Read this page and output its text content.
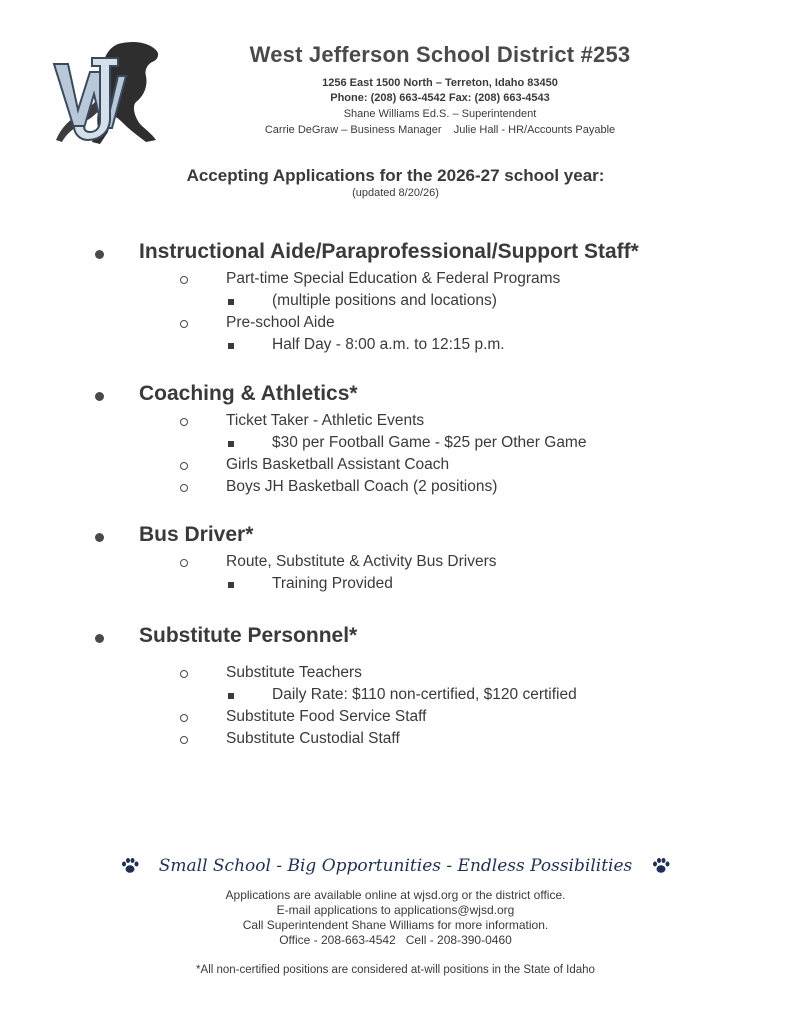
West Jefferson School District #253
1256 East 1500 North – Terreton, Idaho 83450
Phone: (208) 663-4542 Fax: (208) 663-4543
Shane Williams Ed.S. – Superintendent
Carrie DeGraw – Business Manager    Julie Hall - HR/Accounts Payable
Accepting Applications for the 2026-27 school year:
(updated 8/20/26)
Instructional Aide/Paraprofessional/Support Staff*
Part-time Special Education & Federal Programs
(multiple positions and locations)
Pre-school Aide
Half Day - 8:00 a.m. to 12:15 p.m.
Coaching & Athletics*
Ticket Taker - Athletic Events
$30 per Football Game - $25 per Other Game
Girls Basketball Assistant Coach
Boys JH Basketball Coach (2 positions)
Bus Driver*
Route, Substitute & Activity Bus Drivers
Training Provided
Substitute Personnel*
Substitute Teachers
Daily Rate: $110 non-certified, $120 certified
Substitute Food Service Staff
Substitute Custodial Staff
Small School - Big Opportunities - Endless Possibilities
Applications are available online at wjsd.org or the district office.
E-mail applications to applications@wjsd.org
Call Superintendent Shane Williams for more information.
Office - 208-663-4542   Cell - 208-390-0460
*All non-certified positions are considered at-will positions in the State of Idaho
